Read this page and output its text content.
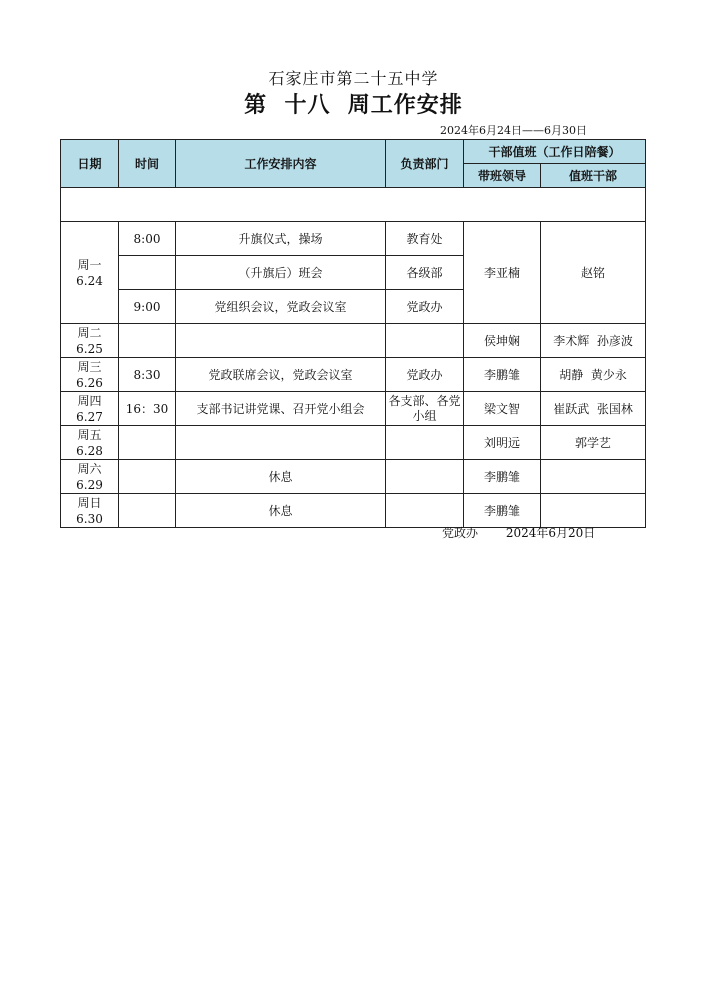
石家庄市第二十五中学
第  十八  周工作安排
2024年6月24日——6月30日
日期	时间	工作安排内容	负责部门	干部值班（工作日陪餐）	
				带班领导	值班干部

周一
6.24	8:00	升旗仪式，操场	教育处	李亚楠	赵铭
		（升旗后）班会	各级部		
	9:00	党组织会议，党政会议室	党政办		
周二
6.25				侯坤娴	李术辉  孙彦波
周三
6.26	8:30	党政联席会议，党政会议室	党政办	李鹏雏	胡静  黄少永
周四
6.27	16：30	支部书记讲党课、召开党小组会	各支部、各党小组	梁文智	崔跃武  张国林
周五
6.28				刘明远	郭学艺
周六
6.29		休息		李鹏雏	
周日
6.30		休息		李鹏雏	
党政办 2024年6月20日
